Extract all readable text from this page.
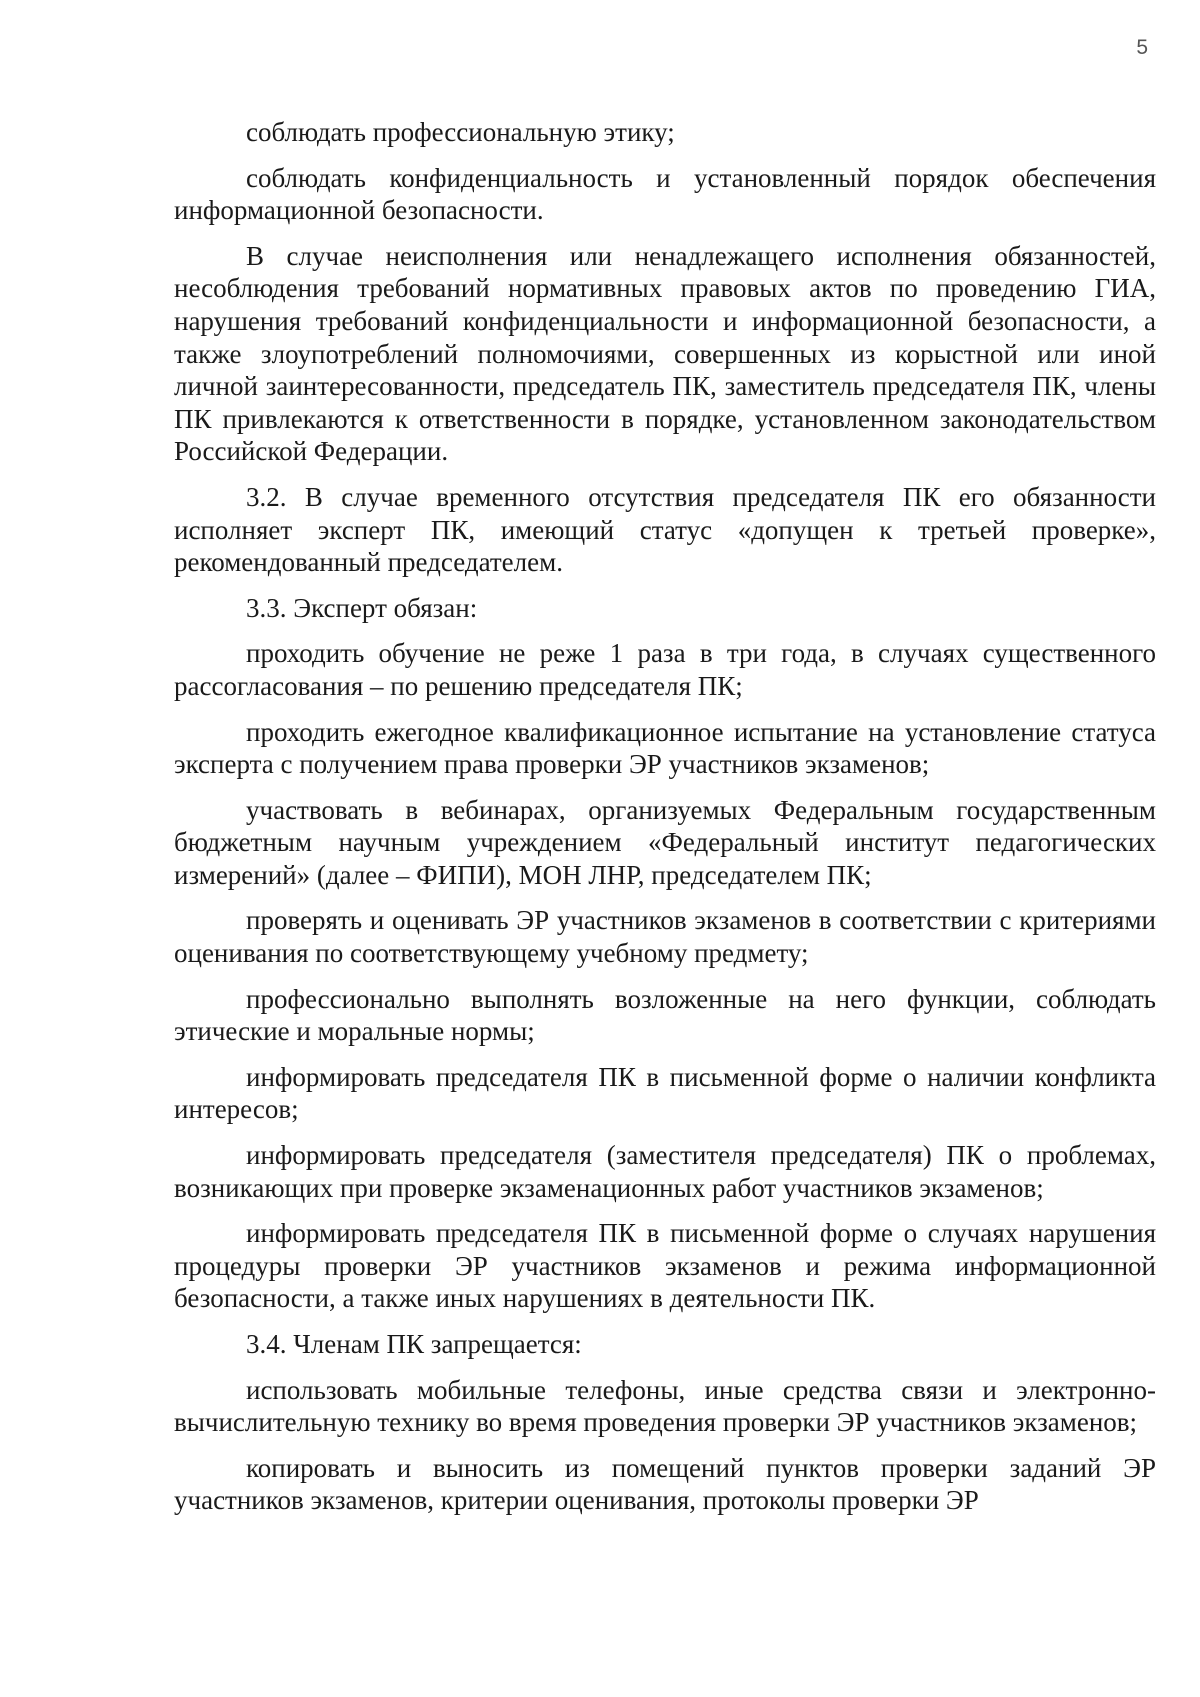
5

соблюдать профессиональную этику;

соблюдать конфиденциальность и установленный порядок обеспечения информационной безопасности.

В случае неисполнения или ненадлежащего исполнения обязанностей, несоблюдения требований нормативных правовых актов по проведению ГИА, нарушения требований конфиденциальности и информационной безопасности, а также злоупотреблений полномочиями, совершенных из корыстной или иной личной заинтересованности, председатель ПК, заместитель председателя ПК, члены ПК привлекаются к ответственности в порядке, установленном законодательством Российской Федерации.

3.2. В случае временного отсутствия председателя ПК его обязанности исполняет эксперт ПК, имеющий статус «допущен к третьей проверке», рекомендованный председателем.

3.3. Эксперт обязан:

проходить обучение не реже 1 раза в три года, в случаях существенного рассогласования – по решению председателя ПК;

проходить ежегодное квалификационное испытание на установление статуса эксперта с получением права проверки ЭР участников экзаменов;

участвовать в вебинарах, организуемых Федеральным государственным бюджетным научным учреждением «Федеральный институт педагогических измерений» (далее – ФИПИ), МОН ЛНР, председателем ПК;

проверять и оценивать ЭР участников экзаменов в соответствии с критериями оценивания по соответствующему учебному предмету;

профессионально выполнять возложенные на него функции, соблюдать этические и моральные нормы;

информировать председателя ПК в письменной форме о наличии конфликта интересов;

информировать председателя (заместителя председателя) ПК о проблемах, возникающих при проверке экзаменационных работ участников экзаменов;

информировать председателя ПК в письменной форме о случаях нарушения процедуры проверки ЭР участников экзаменов и режима информационной безопасности, а также иных нарушениях в деятельности ПК.

3.4. Членам ПК запрещается:

использовать мобильные телефоны, иные средства связи и электронно-вычислительную технику во время проведения проверки ЭР участников экзаменов;

копировать и выносить из помещений пунктов проверки заданий ЭР участников экзаменов, критерии оценивания, протоколы проверки ЭР
